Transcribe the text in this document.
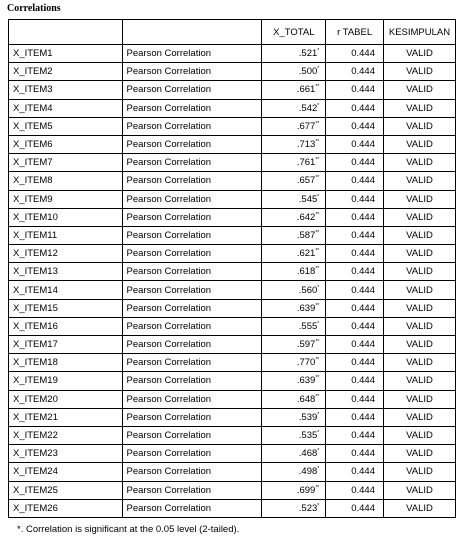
Correlations
		X_TOTAL	r TABEL	KESIMPULAN
X_ITEM1	Pearson Correlation	.521*	0.444	VALID
X_ITEM2	Pearson Correlation	.500*	0.444	VALID
X_ITEM3	Pearson Correlation	.661**	0.444	VALID
X_ITEM4	Pearson Correlation	.542*	0.444	VALID
X_ITEM5	Pearson Correlation	.677**	0.444	VALID
X_ITEM6	Pearson Correlation	.713**	0.444	VALID
X_ITEM7	Pearson Correlation	.761**	0.444	VALID
X_ITEM8	Pearson Correlation	.657**	0.444	VALID
X_ITEM9	Pearson Correlation	.545*	0.444	VALID
X_ITEM10	Pearson Correlation	.642**	0.444	VALID
X_ITEM11	Pearson Correlation	.587**	0.444	VALID
X_ITEM12	Pearson Correlation	.621**	0.444	VALID
X_ITEM13	Pearson Correlation	.618**	0.444	VALID
X_ITEM14	Pearson Correlation	.560*	0.444	VALID
X_ITEM15	Pearson Correlation	.639**	0.444	VALID
X_ITEM16	Pearson Correlation	.555*	0.444	VALID
X_ITEM17	Pearson Correlation	.597**	0.444	VALID
X_ITEM18	Pearson Correlation	.770**	0.444	VALID
X_ITEM19	Pearson Correlation	.639**	0.444	VALID
X_ITEM20	Pearson Correlation	.648**	0.444	VALID
X_ITEM21	Pearson Correlation	.539*	0.444	VALID
X_ITEM22	Pearson Correlation	.535*	0.444	VALID
X_ITEM23	Pearson Correlation	.468*	0.444	VALID
X_ITEM24	Pearson Correlation	.498*	0.444	VALID
X_ITEM25	Pearson Correlation	.699**	0.444	VALID
X_ITEM26	Pearson Correlation	.523*	0.444	VALID
*. Correlation is significant at the 0.05 level (2-tailed).
